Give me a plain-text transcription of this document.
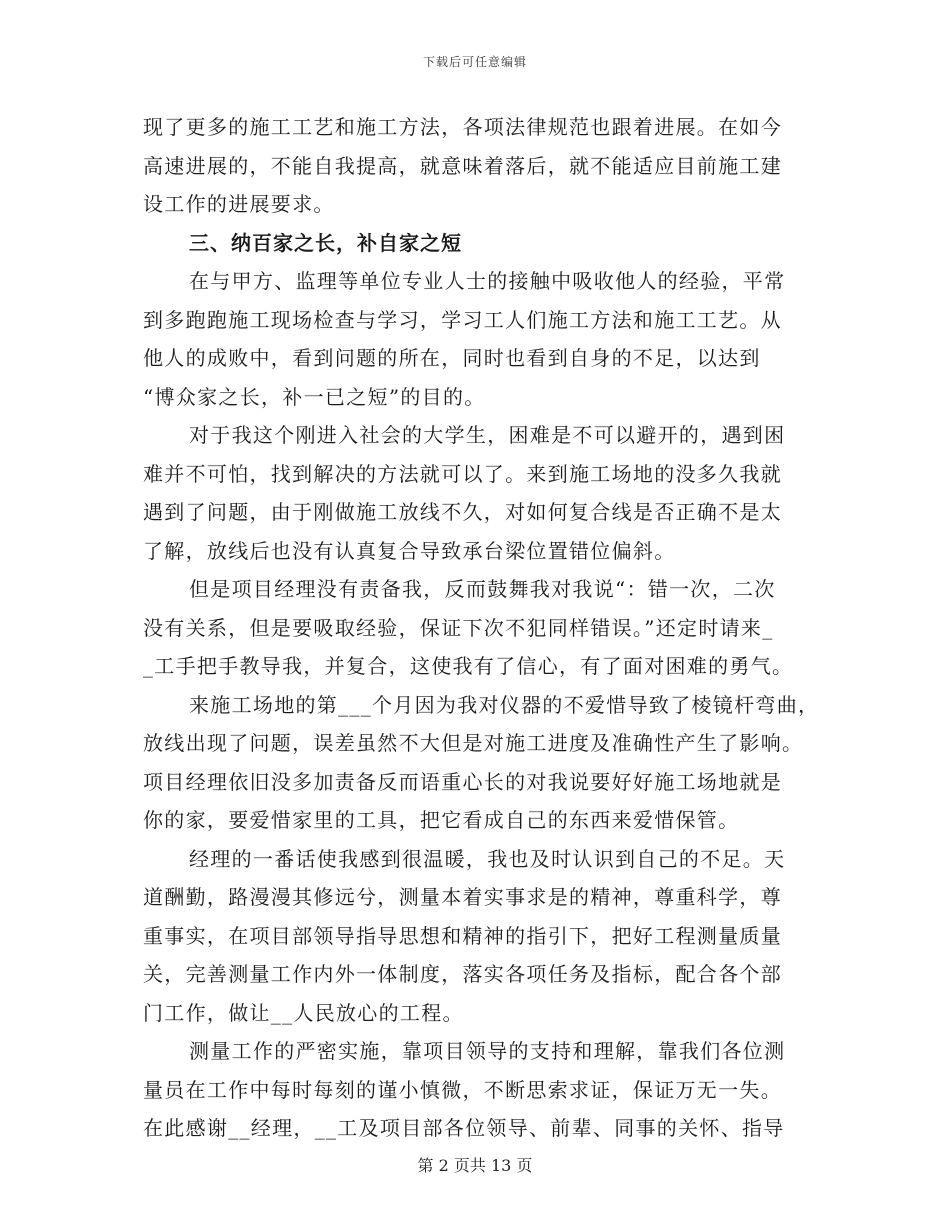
下载后可任意编辑
现了更多的施工工艺和施工方法，各项法律规范也跟着进展。在如今
高速进展的，不能自我提高，就意味着落后，就不能适应目前施工建
设工作的进展要求。
三、纳百家之长，补自家之短
在与甲方、监理等单位专业人士的接触中吸收他人的经验，平常
到多跑跑施工现场检查与学习，学习工人们施工方法和施工工艺。从
他人的成败中，看到问题的所在，同时也看到自身的不足，以达到
“博众家之长，补一已之短”的目的。
对于我这个刚进入社会的大学生，困难是不可以避开的，遇到困
难并不可怕，找到解决的方法就可以了。来到施工场地的没多久我就
遇到了问题，由于刚做施工放线不久，对如何复合线是否正确不是太
了解，放线后也没有认真复合导致承台梁位置错位偏斜。
但是项目经理没有责备我，反而鼓舞我对我说“：错一次，二次
没有关系，但是要吸取经验，保证下次不犯同样错误。”还定时请来_
_工手把手教导我，并复合，这使我有了信心，有了面对困难的勇气。
来施工场地的第___个月因为我对仪器的不爱惜导致了棱镜杆弯曲，
放线出现了问题，误差虽然不大但是对施工进度及准确性产生了影响。
项目经理依旧没多加责备反而语重心长的对我说要好好施工场地就是
你的家，要爱惜家里的工具，把它看成自己的东西来爱惜保管。
经理的一番话使我感到很温暖，我也及时认识到自己的不足。天
道酬勤，路漫漫其修远兮，测量本着实事求是的精神，尊重科学，尊
重事实，在项目部领导指导思想和精神的指引下，把好工程测量质量
关，完善测量工作内外一体制度，落实各项任务及指标，配合各个部
门工作，做让__人民放心的工程。
测量工作的严密实施，靠项目领导的支持和理解，靠我们各位测
量员在工作中每时每刻的谨小慎微，不断思索求证，保证万无一失。
在此感谢__经理，__工及项目部各位领导、前辈、同事的关怀、指导
第 2 页共 13 页
